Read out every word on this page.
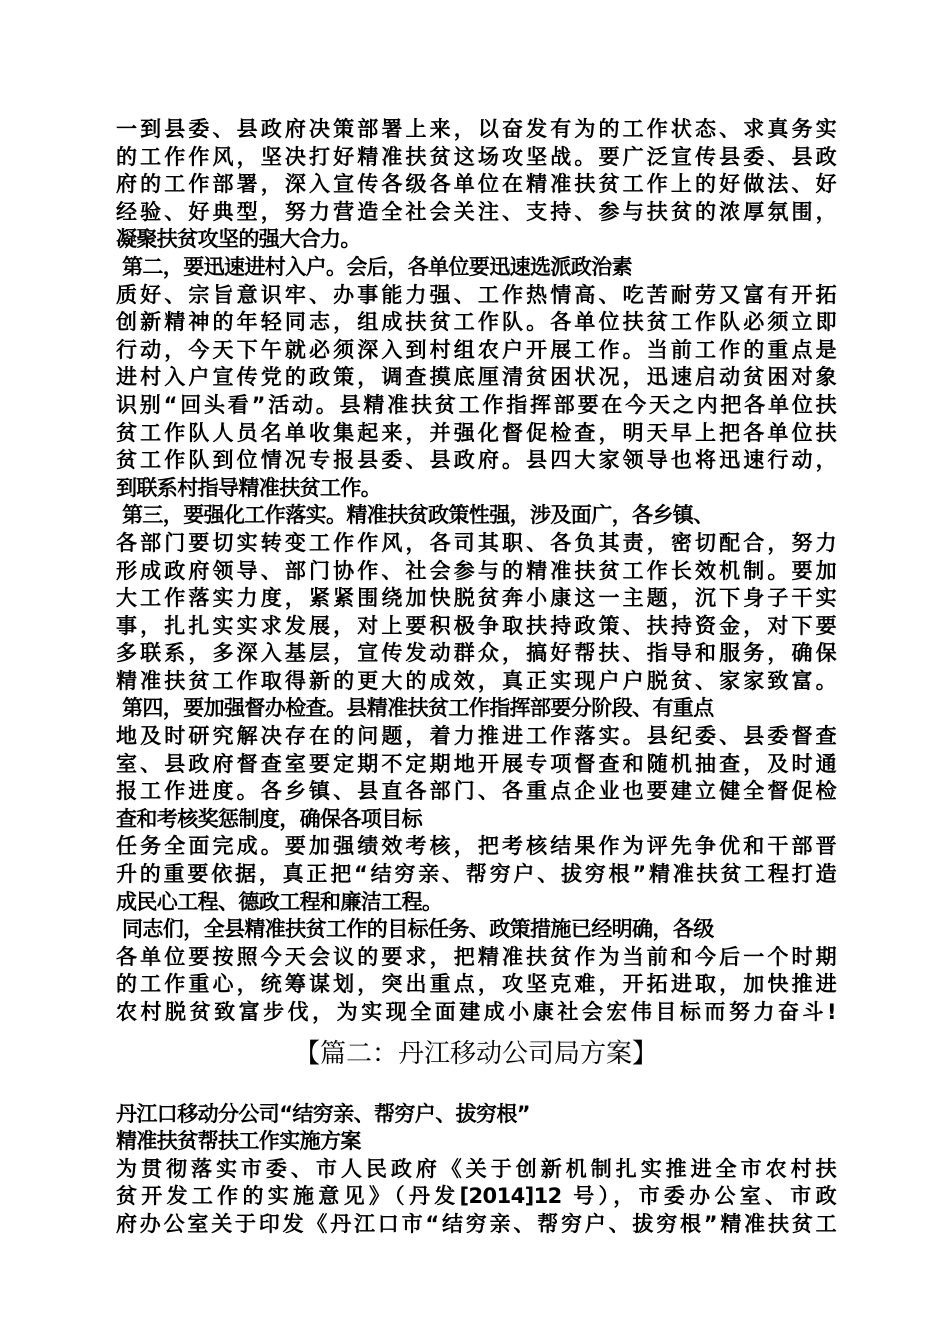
一到县委、县政府决策部署上来，以奋发有为的工作状态、求真务实
的工作作风，坚决打好精准扶贫这场攻坚战。要广泛宣传县委、县政
府的工作部署，深入宣传各级各单位在精准扶贫工作上的好做法、好
经验、好典型，努力营造全社会关注、支持、参与扶贫的浓厚氛围，
凝聚扶贫攻坚的强大合力。
第二，要迅速进村入户。会后，各单位要迅速选派政治素
质好、宗旨意识牢、办事能力强、工作热情高、吃苦耐劳又富有开拓
创新精神的年轻同志，组成扶贫工作队。各单位扶贫工作队必须立即
行动，今天下午就必须深入到村组农户开展工作。当前工作的重点是
进村入户宣传党的政策，调查摸底厘清贫困状况，迅速启动贫困对象
识别“回头看”活动。县精准扶贫工作指挥部要在今天之内把各单位扶
贫工作队人员名单收集起来，并强化督促检查，明天早上把各单位扶
贫工作队到位情况专报县委、县政府。县四大家领导也将迅速行动，
到联系村指导精准扶贫工作。
第三，要强化工作落实。精准扶贫政策性强，涉及面广，各乡镇、
各部门要切实转变工作作风，各司其职、各负其责，密切配合，努力
形成政府领导、部门协作、社会参与的精准扶贫工作长效机制。要加
大工作落实力度，紧紧围绕加快脱贫奔小康这一主题，沉下身子干实
事，扎扎实实求发展，对上要积极争取扶持政策、扶持资金，对下要
多联系，多深入基层，宣传发动群众，搞好帮扶、指导和服务，确保
精准扶贫工作取得新的更大的成效，真正实现户户脱贫、家家致富。
第四，要加强督办检查。县精准扶贫工作指挥部要分阶段、有重点
地及时研究解决存在的问题，着力推进工作落实。县纪委、县委督查
室、县政府督查室要定期不定期地开展专项督查和随机抽查，及时通
报工作进度。各乡镇、县直各部门、各重点企业也要建立健全督促检
查和考核奖惩制度，确保各项目标
任务全面完成。要加强绩效考核，把考核结果作为评先争优和干部晋
升的重要依据，真正把“结穷亲、帮穷户、拔穷根”精准扶贫工程打造
成民心工程、德政工程和廉洁工程。
同志们，全县精准扶贫工作的目标任务、政策措施已经明确，各级
各单位要按照今天会议的要求，把精准扶贫作为当前和今后一个时期
的工作重心，统筹谋划，突出重点，攻坚克难，开拓进取，加快推进
农村脱贫致富步伐，为实现全面建成小康社会宏伟目标而努力奋斗!
【篇二：丹江移动公司局方案】
丹江口移动分公司“结穷亲、帮穷户、拔穷根”
精准扶贫帮扶工作实施方案
为贯彻落实市委、市人民政府《关于创新机制扎实推进全市农村扶
贫开发工作的实施意见》（丹发[2014]12 号），市委办公室、市政
府办公室关于印发《丹江口市“结穷亲、帮穷户、拔穷根”精准扶贫工
